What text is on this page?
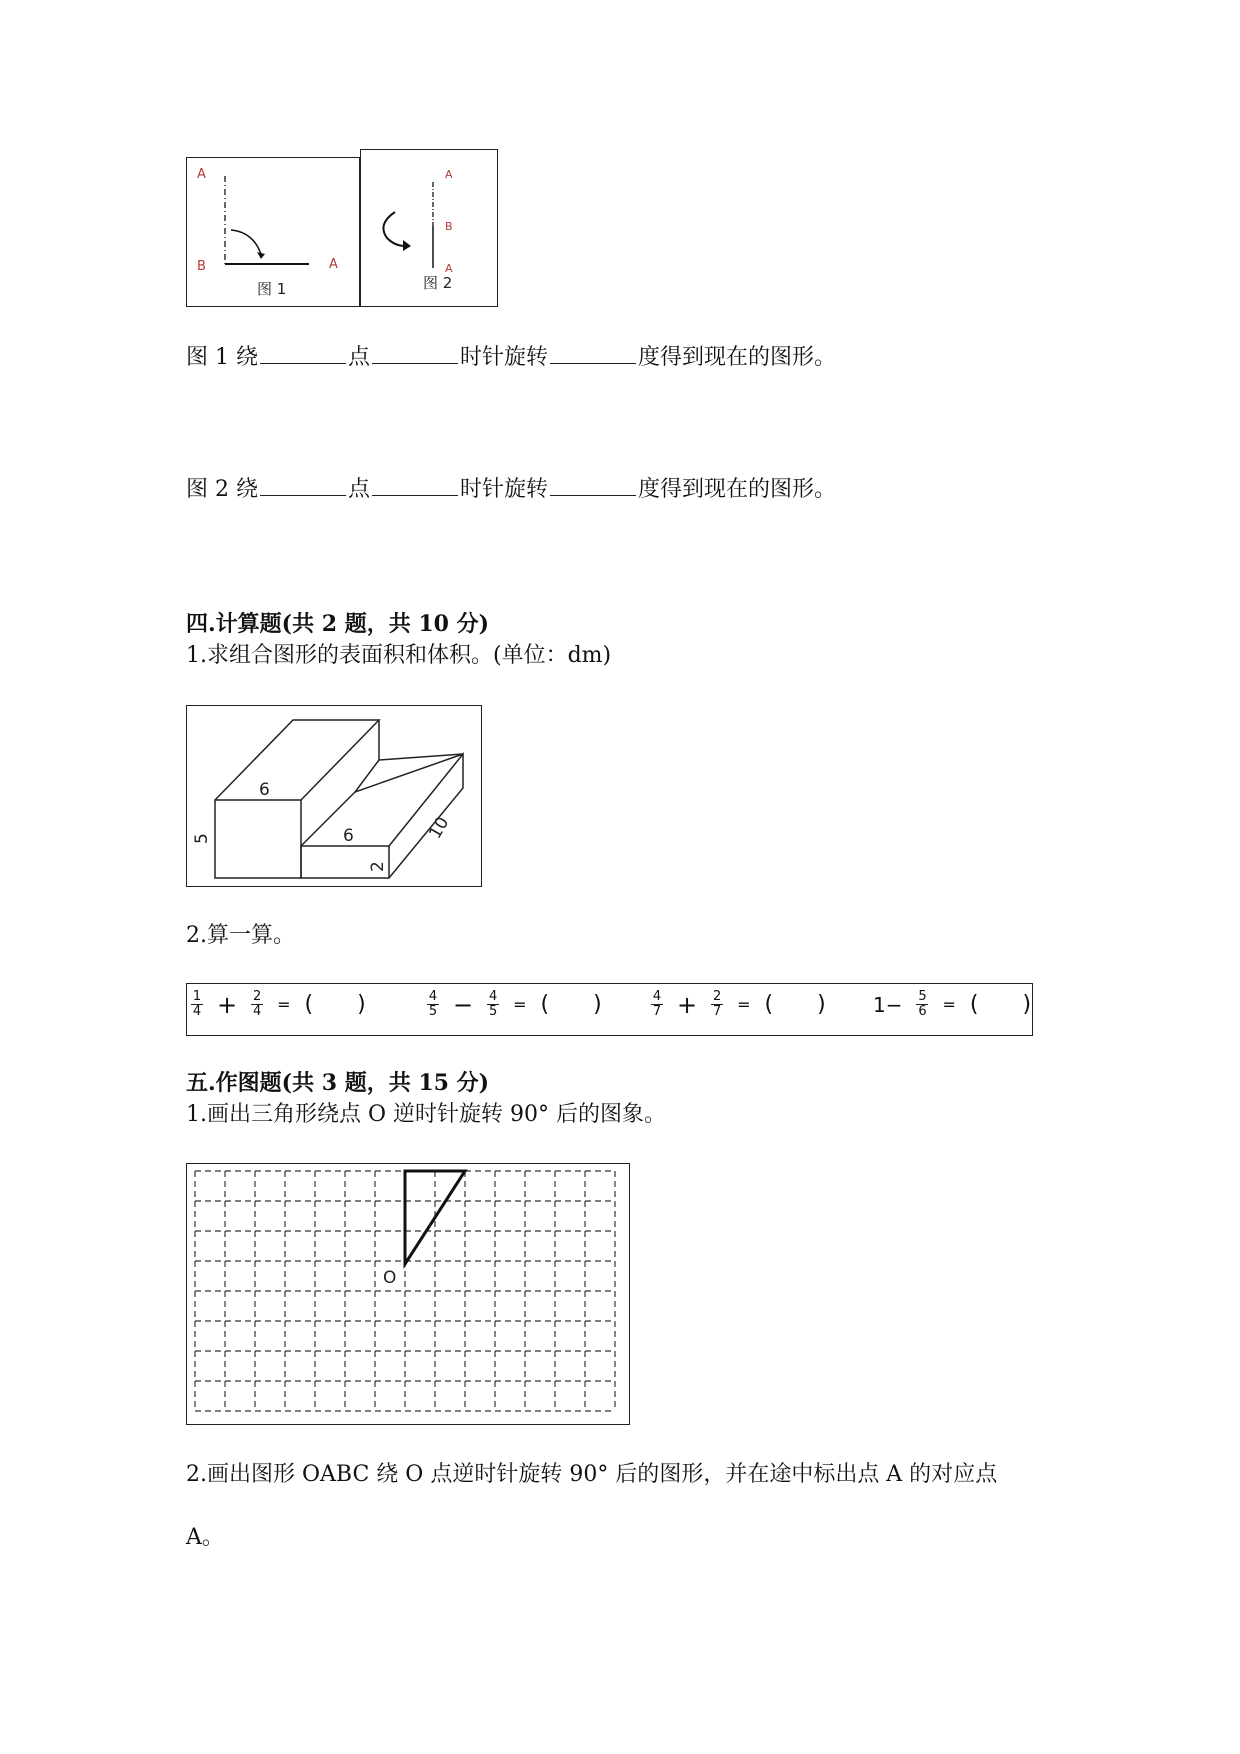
A
B	A
图 1
A
B
A
图 2
图 1 绕	点	时针旋转	度得到现在的图形。
图 2 绕	点	时针旋转	度得到现在的图形。
四.计算题(共 2 题，共 10 分)
1.求组合图形的表面积和体积。(单位：dm)
6
5	6
2
10
2.算一算。
$\frac{1}{4} + \frac{2}{4}$ = ( )	$\frac{4}{5} - \frac{4}{5}$ = ( )	$\frac{4}{7} + \frac{2}{7}$ = ( ) $1- \frac{5}{6}$ = ( )
五.作图题(共 3 题，共 15 分)
1.画出三角形绕点 O 逆时针旋转 90° 后的图象。
O
2.画出图形 OABC 绕 O 点逆时针旋转 90° 后的图形，并在途中标出点 A 的对应点
A。
